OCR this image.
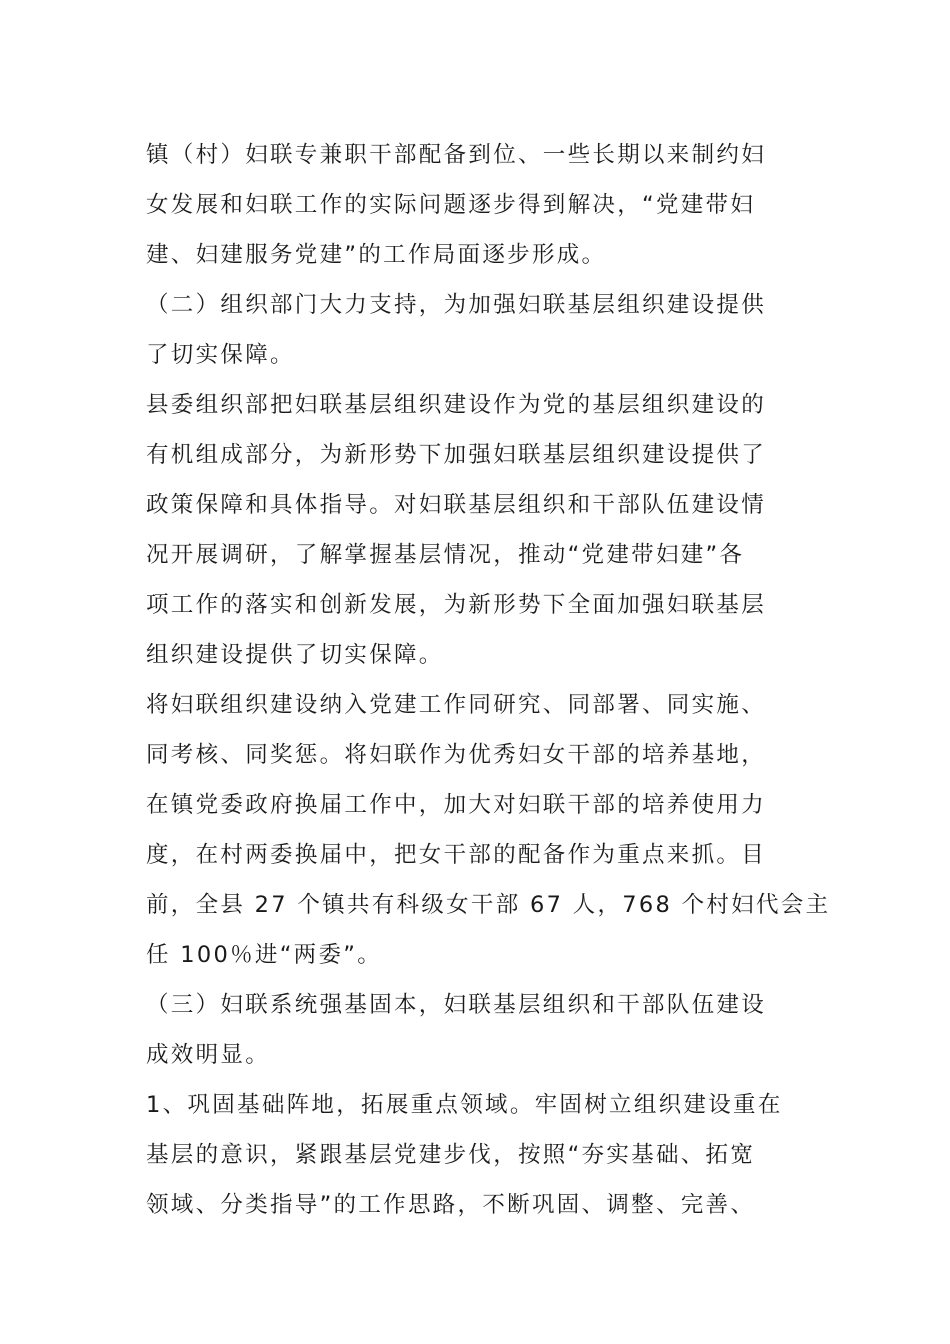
镇（村）妇联专兼职干部配备到位、一些长期以来制约妇
女发展和妇联工作的实际问题逐步得到解决，“党建带妇
建、妇建服务党建”的工作局面逐步形成。
（二）组织部门大力支持，为加强妇联基层组织建设提供
了切实保障。
县委组织部把妇联基层组织建设作为党的基层组织建设的
有机组成部分，为新形势下加强妇联基层组织建设提供了
政策保障和具体指导。对妇联基层组织和干部队伍建设情
况开展调研，了解掌握基层情况，推动“党建带妇建”各
项工作的落实和创新发展，为新形势下全面加强妇联基层
组织建设提供了切实保障。
将妇联组织建设纳入党建工作同研究、同部署、同实施、
同考核、同奖惩。将妇联作为优秀妇女干部的培养基地，
在镇党委政府换届工作中，加大对妇联干部的培养使用力
度，在村两委换届中，把女干部的配备作为重点来抓。目
前，全县 27 个镇共有科级女干部 67 人，768 个村妇代会主
任 100％进“两委”。
（三）妇联系统强基固本，妇联基层组织和干部队伍建设
成效明显。
1、巩固基础阵地，拓展重点领域。牢固树立组织建设重在
基层的意识，紧跟基层党建步伐，按照“夯实基础、拓宽
领域、分类指导”的工作思路，不断巩固、调整、完善、
